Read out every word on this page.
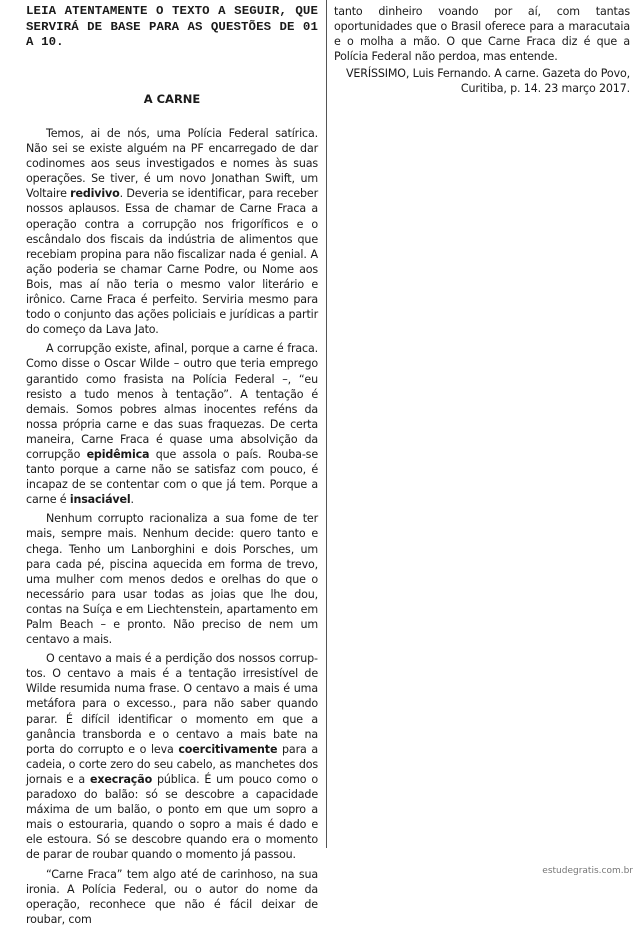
LEIA ATENTAMENTE O TEXTO A SEGUIR, QUE SERVIRÁ DE BASE PARA AS QUESTÕES DE 01 A 10.

A CARNE

Temos, ai de nós, uma Polícia Federal satírica. Não sei se existe alguém na PF encarregado de dar codinomes aos seus investigados e nomes às suas operações. Se tiver, é um novo Jonathan Swift, um Voltaire redivivo. Deveria se identificar, para receber nossos aplausos. Essa de chamar de Carne Fraca a operação contra a corrupção nos frigoríficos e o escândalo dos fiscais da indústria de alimentos que recebiam propina para não fiscalizar nada é genial. A ação poderia se chamar Carne Podre, ou Nome aos Bois, mas aí não teria o mesmo valor literário e irônico. Carne Fraca é perfeito. Serviria mesmo para todo o conjunto das ações policiais e jurídicas a partir do começo da Lava Jato.

A corrupção existe, afinal, porque a carne é fraca. Como disse o Oscar Wilde – outro que teria emprego garantido como frasista na Polícia Federal –, “eu resisto a tudo menos à tentação”. A tentação é demais. Somos pobres almas inocentes reféns da nossa própria carne e das suas fraquezas. De certa maneira, Carne Fraca é quase uma absolvição da corrupção epidêmica que assola o país. Rouba-se tanto porque a carne não se satisfaz com pouco, é incapaz de se contentar com o que já tem. Porque a carne é insaciável.

Nenhum corrupto racionaliza a sua fome de ter mais, sempre mais. Nenhum decide: quero tanto e chega. Tenho um Lanborghini e dois Porsches, um para cada pé, piscina aquecida em forma de trevo, uma mulher com menos dedos e orelhas do que o necessário para usar todas as joias que lhe dou, contas na Suíça e em Liechtenstein, apartamento em Palm Beach – e pronto. Não preciso de nem um centavo a mais.

O centavo a mais é a perdição dos nossos corruptos. O centavo a mais é a tentação irresistível de Wilde resumida numa frase. O centavo a mais é uma metáfora para o excesso., para não saber quando parar. É difícil identificar o momento em que a ganância transborda e o centavo a mais bate na porta do corrupto e o leva coercitivamente para a cadeia, o corte zero do seu cabelo, as manchetes dos jornais e a execração pública. É um pouco como o paradoxo do balão: só se descobre a capacidade máxima de um balão, o ponto em que um sopro a mais o estouraria, quando o sopro a mais é dado e ele estoura. Só se descobre quando era o momento de parar de roubar quando o momento já passou.

“Carne Fraca” tem algo até de carinhoso, na sua ironia. A Polícia Federal, ou o autor do nome da operação, reconhece que não é fácil deixar de roubar, com

tanto dinheiro voando por aí, com tantas oportunidades que o Brasil oferece para a maracutaia e o molha a mão. O que Carne Fraca diz é que a Polícia Federal não perdoa, mas entende.

VERÍSSIMO, Luis Fernando. A carne. Gazeta do Povo, Curitiba, p. 14. 23 março 2017.

estudegratis.com.br
